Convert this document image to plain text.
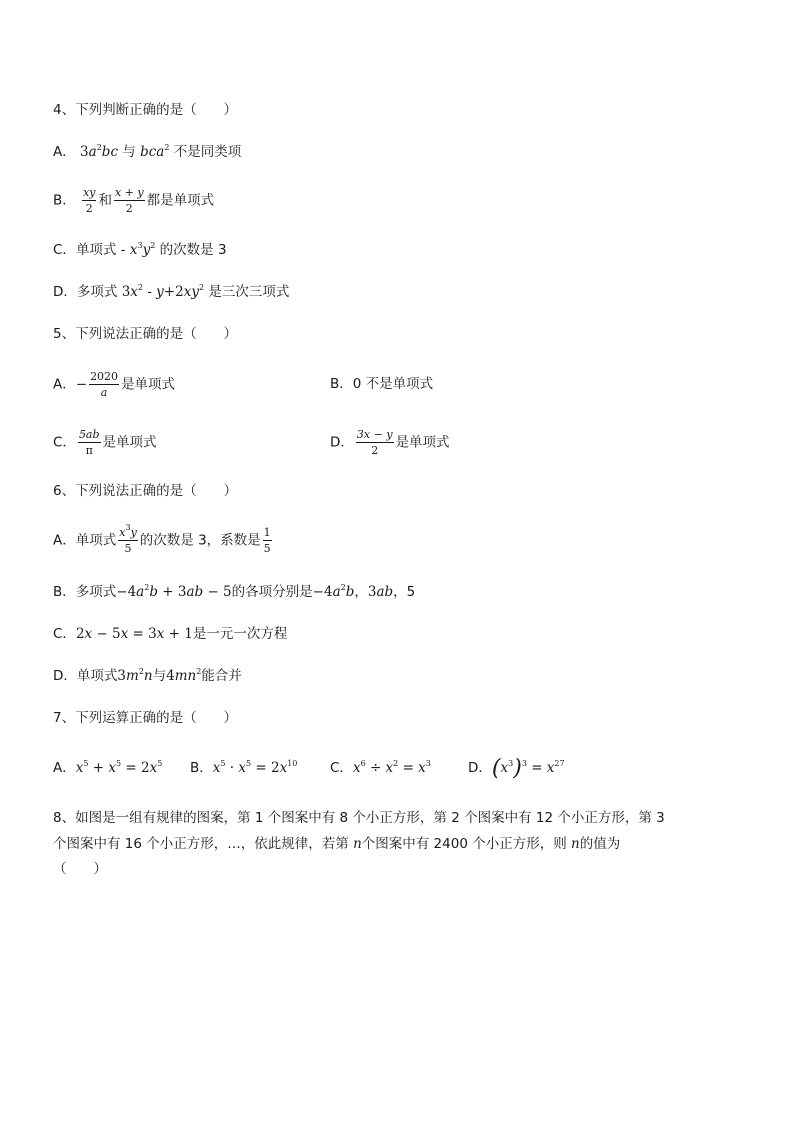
4、下列判断正确的是（　　）
A． $3a^2bc$ 与 bca$^2$ 不是同类项
B． $\frac{xy}{2}$ 和 $\frac{x + y}{2}$ 都是单项式
C．单项式 - $x^3y^2$ 的次数是 3
D．多项式 $3x^2 - y+2xy^2$ 是三次三项式
5、下列说法正确的是（　　）
A．− $\frac{2020}{a}$ 是单项式	B．0 不是单项式
C． $\frac{5ab}{\pi}$ 是单项式	D． $\frac{3x - y}{2}$ 是单项式
6、下列说法正确的是（　　）
A．单项式 $\frac{x^3y}{5}$ 的次数是 3，系数是 $\frac{1}{5}$
B．多项式$-4a^2b + 3ab - 5$的各项分别是$-4a^2b$，3ab，5
C．2x − 5x = 3x + 1是一元一次方程
D．单项式$3m^2n$与$4mn^2$能合并
7、下列运算正确的是（　　）
A．$x^5 + x^5 = 2x^5$ B．$x^5 \cdot x^5 = 2x^{10}$ C．$x^6 \div x^2 = x^3$	D．$(x^3)^3 = x^{27}$
8、如图是一组有规律的图案，第 1 个图案中有 8 个小正方形，第 2 个图案中有 12 个小正方形，第 3
个图案中有 16 个小正方形，…，依此规律，若第 n个图案中有 2400 个小正方形，则 n的值为
（　　）
